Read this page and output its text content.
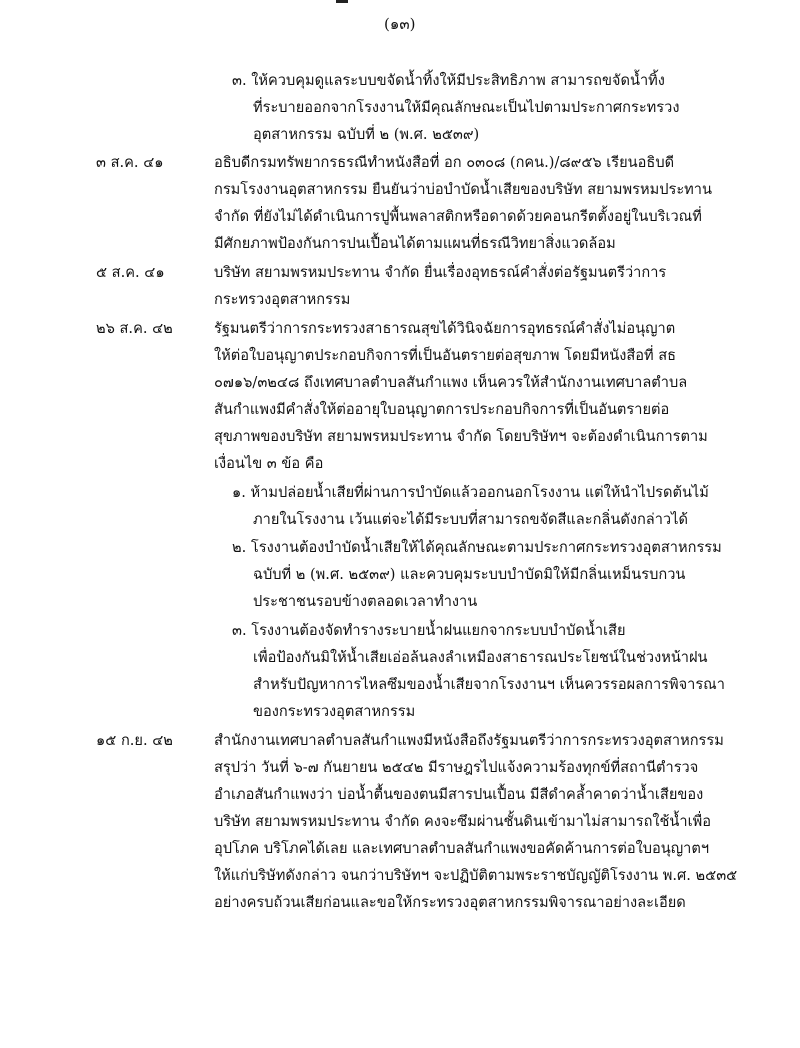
(๑๓)
๓. ให้ควบคุมดูแลระบบขจัดน้ำทิ้งให้มีประสิทธิภาพ สามารถขจัดน้ำทิ้ง
ที่ระบายออกจากโรงงานให้มีคุณลักษณะเป็นไปตามประกาศกระทรวง
อุตสาหกรรม ฉบับที่ ๒ (พ.ศ. ๒๕๓๙)
๓ ส.ค. ๔๑	อธิบดีกรมทรัพยากรธรณีทำหนังสือที่ อก ๐๓๐๘ (กคน.)/๘๙๕๖ เรียนอธิบดี
กรมโรงงานอุตสาหกรรม ยืนยันว่าบ่อบำบัดน้ำเสียของบริษัท สยามพรหมประทาน
จำกัด ที่ยังไม่ได้ดำเนินการปูพื้นพลาสติกหรือดาดด้วยคอนกรีตตั้งอยู่ในบริเวณที่
มีศักยภาพป้องกันการปนเปื้อนได้ตามแผนที่ธรณีวิทยาสิ่งแวดล้อม
๕ ส.ค. ๔๑	บริษัท สยามพรหมประทาน จำกัด ยื่นเรื่องอุทธรณ์คำสั่งต่อรัฐมนตรีว่าการ
กระทรวงอุตสาหกรรม
๒๖ ส.ค. ๔๒	รัฐมนตรีว่าการกระทรวงสาธารณสุขได้วินิจฉัยการอุทธรณ์คำสั่งไม่อนุญาต
ให้ต่อใบอนุญาตประกอบกิจการที่เป็นอันตรายต่อสุขภาพ โดยมีหนังสือที่ สธ
๐๗๑๖/๓๒๔๘ ถึงเทศบาลตำบลสันกำแพง เห็นควรให้สำนักงานเทศบาลตำบล
สันกำแพงมีคำสั่งให้ต่ออายุใบอนุญาตการประกอบกิจการที่เป็นอันตรายต่อ
สุขภาพของบริษัท สยามพรหมประทาน จำกัด โดยบริษัทฯ จะต้องดำเนินการตาม
เงื่อนไข ๓ ข้อ คือ
๑. ห้ามปล่อยน้ำเสียที่ผ่านการบำบัดแล้วออกนอกโรงงาน แต่ให้นำไปรดต้นไม้
ภายในโรงงาน เว้นแต่จะได้มีระบบที่สามารถขจัดสีและกลิ่นดังกล่าวได้
๒. โรงงานต้องบำบัดน้ำเสียให้ได้คุณลักษณะตามประกาศกระทรวงอุตสาหกรรม
ฉบับที่ ๒ (พ.ศ. ๒๕๓๙) และควบคุมระบบบำบัดมิให้มีกลิ่นเหม็นรบกวน
ประชาชนรอบข้างตลอดเวลาทำงาน
๓. โรงงานต้องจัดทำรางระบายน้ำฝนแยกจากระบบบำบัดน้ำเสีย
เพื่อป้องกันมิให้น้ำเสียเอ่อล้นลงลำเหมืองสาธารณประโยชน์ในช่วงหน้าฝน
สำหรับปัญหาการไหลซึมของน้ำเสียจากโรงงานฯ เห็นควรรอผลการพิจารณา
ของกระทรวงอุตสาหกรรม
๑๕ ก.ย. ๔๒	สำนักงานเทศบาลตำบลสันกำแพงมีหนังสือถึงรัฐมนตรีว่าการกระทรวงอุตสาหกรรม
สรุปว่า วันที่ ๖-๗ กันยายน ๒๕๔๒ มีราษฎรไปแจ้งความร้องทุกข์ที่สถานีตำรวจ
อำเภอสันกำแพงว่า บ่อน้ำตื้นของตนมีสารปนเปื้อน มีสีดำคล้ำคาดว่าน้ำเสียของ
บริษัท สยามพรหมประทาน จำกัด คงจะซึมผ่านชั้นดินเข้ามาไม่สามารถใช้น้ำเพื่อ
อุปโภค บริโภคได้เลย และเทศบาลตำบลสันกำแพงขอคัดค้านการต่อใบอนุญาตฯ
ให้แก่บริษัทดังกล่าว จนกว่าบริษัทฯ จะปฏิบัติตามพระราชบัญญัติโรงงาน พ.ศ. ๒๕๓๕
อย่างครบถ้วนเสียก่อนและขอให้กระทรวงอุตสาหกรรมพิจารณาอย่างละเอียด
